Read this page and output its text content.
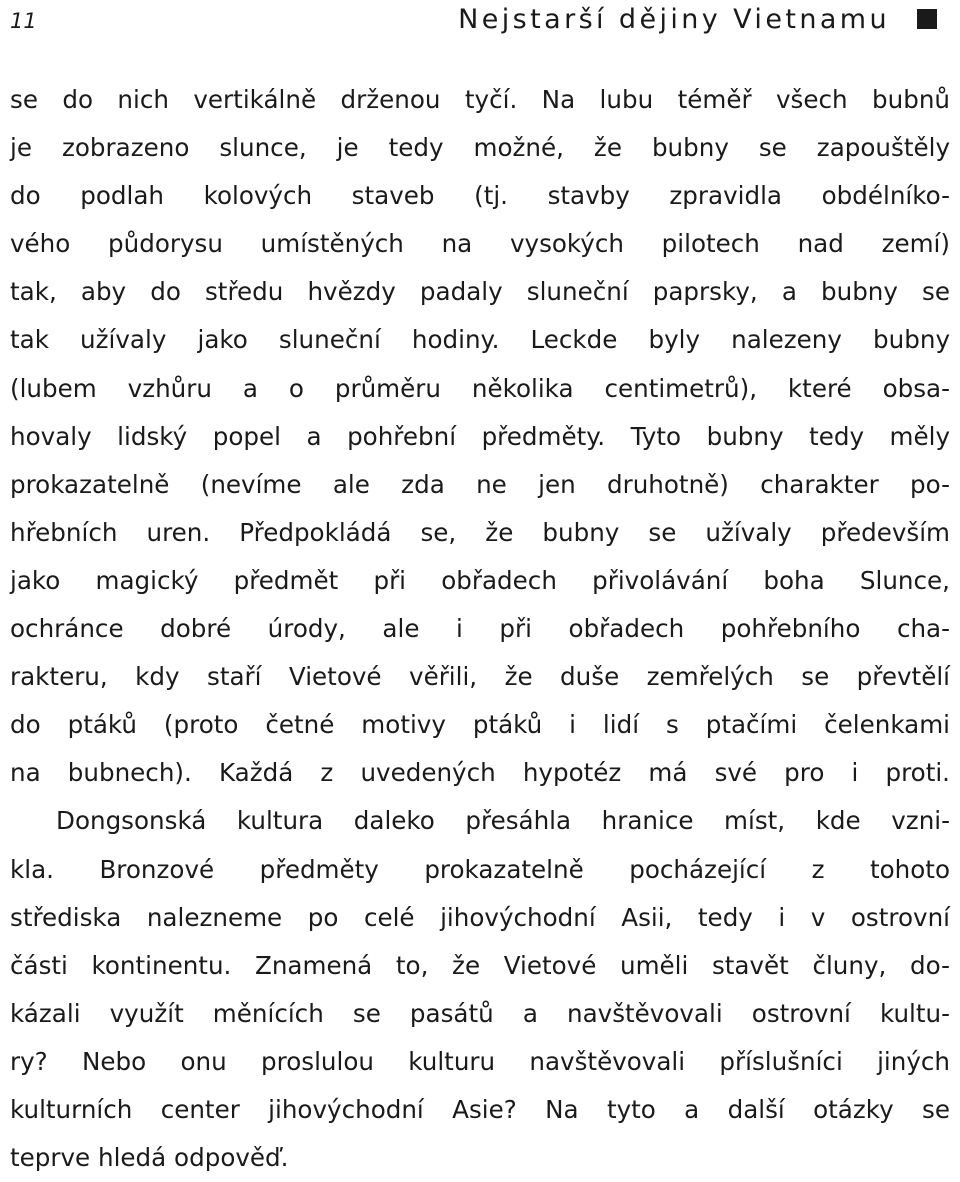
11	Nejstarší dějiny Vietnamu
se do nich vertikálně drženou tyčí. Na lubu téměř všech bubnů
je zobrazeno slunce, je tedy možné, že bubny se zapouštěly
do podlah kolových staveb (tj. stavby zpravidla obdélníko-
vého půdorysu umístěných na vysokých pilotech nad zemí)
tak, aby do středu hvězdy padaly sluneční paprsky, a bubny se
tak užívaly jako sluneční hodiny. Leckde byly nalezeny bubny
(lubem vzhůru a o průměru několika centimetrů), které obsa-
hovaly lidský popel a pohřební předměty. Tyto bubny tedy měly
prokazatelně (nevíme ale zda ne jen druhotně) charakter po-
hřebních uren. Předpokládá se, že bubny se užívaly především
jako magický předmět při obřadech přivolávání boha Slunce,
ochránce dobré úrody, ale i při obřadech pohřebního cha-
rakteru, kdy staří Vietové věřili, že duše zemřelých se převtělí
do ptáků (proto četné motivy ptáků i lidí s ptačími čelenkami
na bubnech). Každá z uvedených hypotéz má své pro i proti.
Dongsonská kultura daleko přesáhla hranice míst, kde vzni-
kla. Bronzové předměty prokazatelně pocházející z tohoto
střediska nalezneme po celé jihovýchodní Asii, tedy i v ostrovní
části kontinentu. Znamená to, že Vietové uměli stavět čluny, do-
kázali využít měnících se pasátů a navštěvovali ostrovní kultu-
ry? Nebo onu proslulou kulturu navštěvovali příslušníci jiných
kulturních center jihovýchodní Asie? Na tyto a další otázky se
teprve hledá odpověď.
